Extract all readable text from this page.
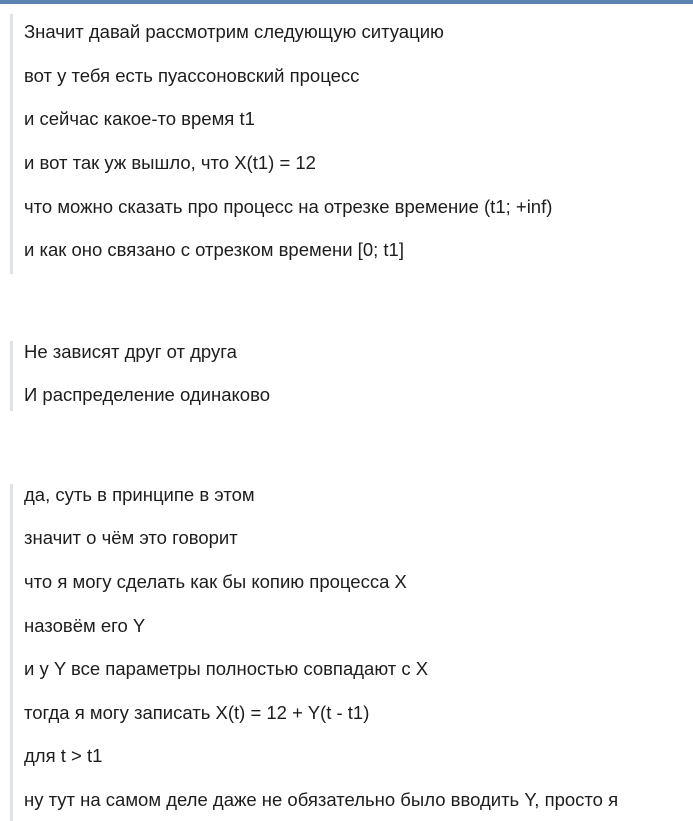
Значит давай рассмотрим следующую ситуацию
вот у тебя есть пуассоновский процесс
и сейчас какое-то время t1
и вот так уж вышло, что X(t1) = 12
что можно сказать про процесс на отрезке времение (t1; +inf)
и как оно связано с отрезком времени [0; t1]
Не зависят друг от друга
И распределение одинаково
да, суть в принципе в этом
значит о чём это говорит
что я могу сделать как бы копию процесса X
назовём его Y
и у Y все параметры полностью совпадают с X
тогда я могу записать X(t) = 12 + Y(t - t1)
для t > t1
ну тут на самом деле даже не обязательно было вводить Y, просто я
